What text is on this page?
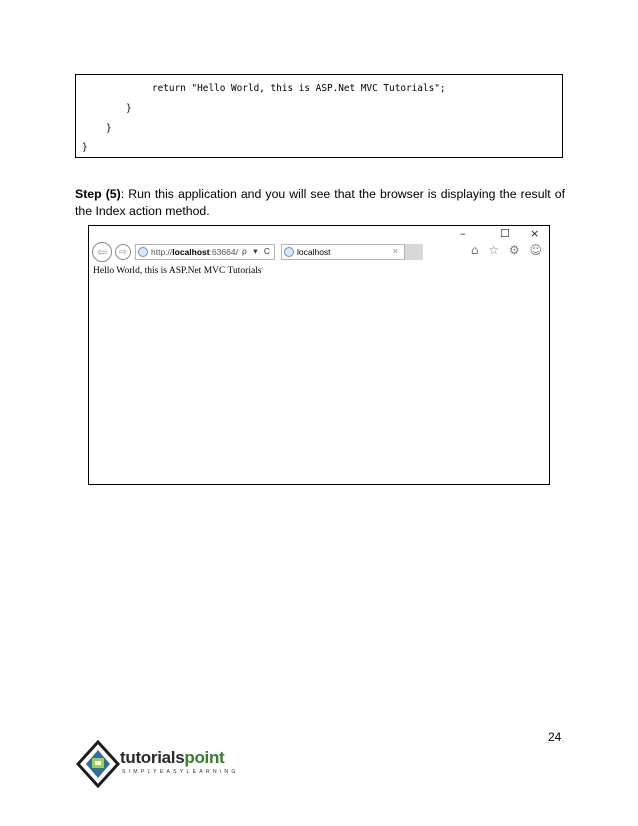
return "Hello World, this is ASP.Net MVC Tutorials";
}
}
}
Step (5): Run this application and you will see that the browser is displaying the result of the Index action method.
–	☐ ×
⇦ ⇨	http:// localhost :63664/ ρ ▾ C	localhost	×	⌂ ☆ ⚙ ☺
Hello World, this is ASP.Net MVC Tutorials
24
tutorialspoint
SIMPLYEASYLEARNING
